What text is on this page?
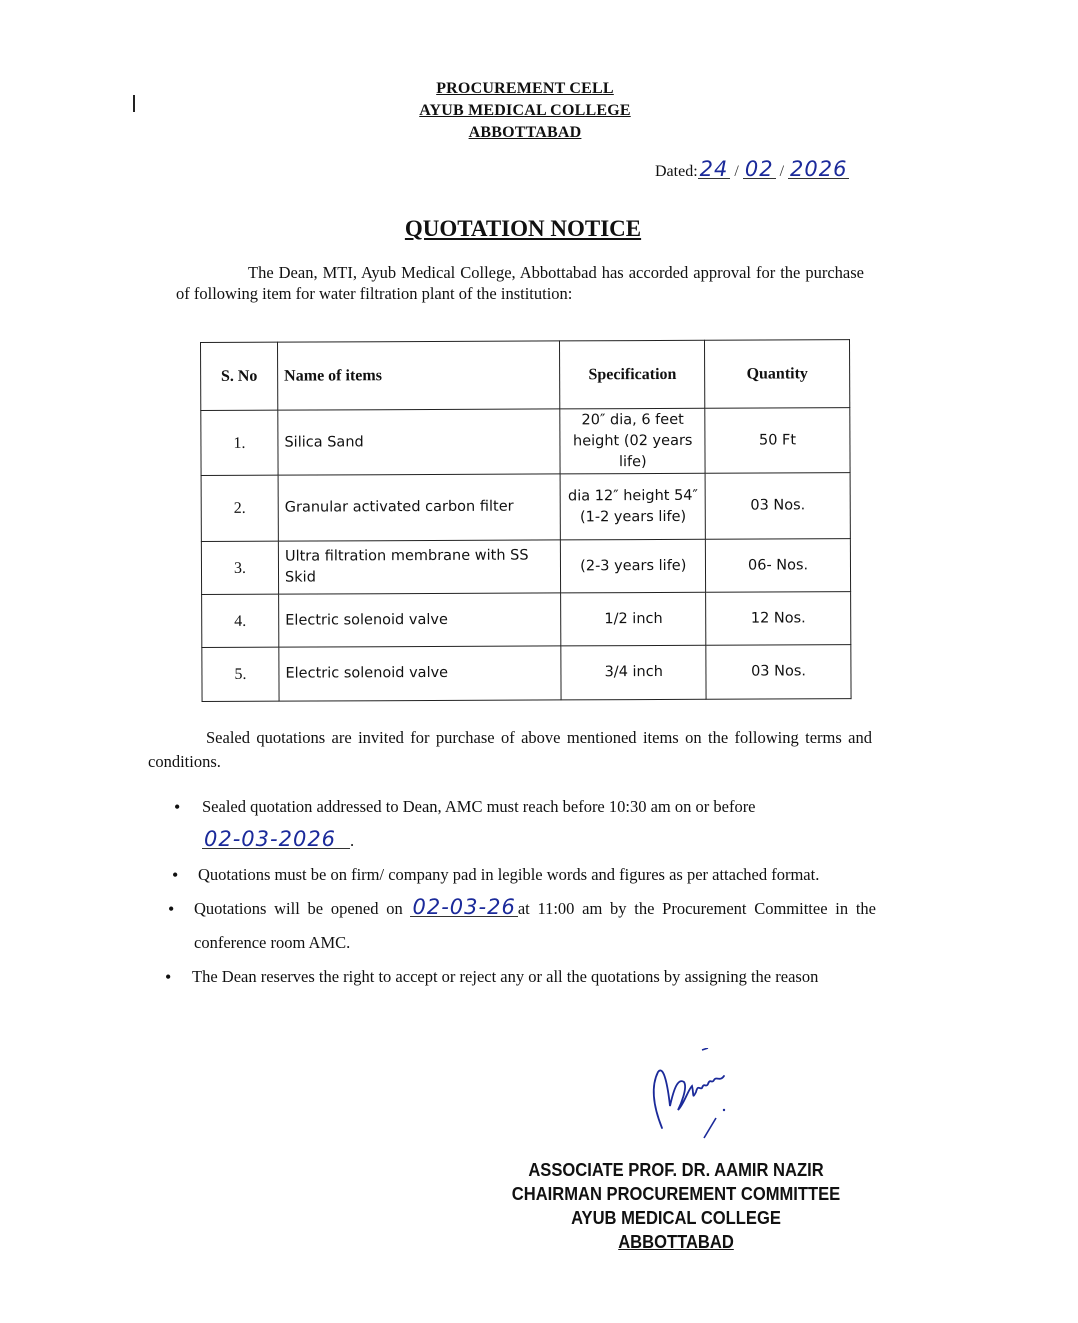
PROCUREMENT CELL
AYUB MEDICAL COLLEGE
ABBOTTABAD
Dated:24 / 02 / 2026
QUOTATION NOTICE
The Dean, MTI, Ayub Medical College, Abbottabad has accorded approval for the purchase of following item for water filtration plant of the institution:
S. No	Name of items	Specification	Quantity
1.	Silica Sand	20″ dia, 6 feet height (02 years life)	50 Ft
2.	Granular activated carbon filter	dia 12″ height 54″ (1-2 years life)	03 Nos.
3.	Ultra filtration membrane with SS Skid	(2-3 years life)	06- Nos.
4.	Electric solenoid valve	1/2 inch	12 Nos.
5.	Electric solenoid valve	3/4 inch	03 Nos.
Sealed quotations are invited for purchase of above mentioned items on the following terms and conditions.
• Sealed quotation addressed to Dean, AMC must reach before 10:30 am on or before
02-03-2026 .
• Quotations must be on firm/ company pad in legible words and figures as per attached format.
• Quotations will be opened on 02-03-26 at 11:00 am by the Procurement Committee in the conference room AMC.
• The Dean reserves the right to accept or reject any or all the quotations by assigning the reason
ASSOCIATE PROF. DR. AAMIR NAZIR
CHAIRMAN PROCUREMENT COMMITTEE
AYUB MEDICAL COLLEGE
ABBOTTABAD
